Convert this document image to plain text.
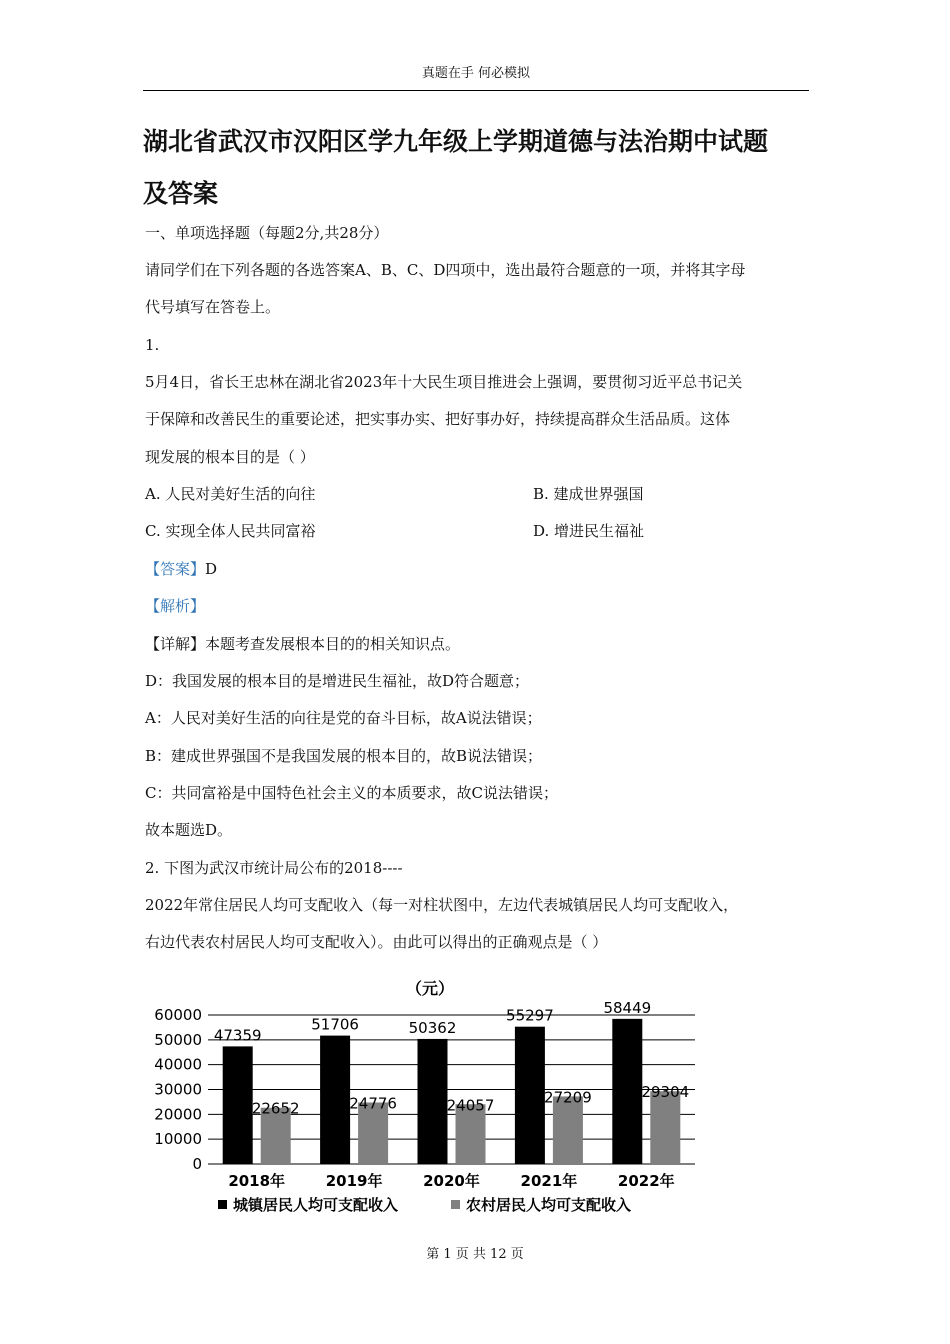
真题在手 何必模拟
湖北省武汉市汉阳区学九年级上学期道德与法治期中试题
及答案
一、单项选择题（每题2分,共28分）
请同学们在下列各题的各选答案A、B、C、D四项中，选出最符合题意的一项，并将其字母
代号填写在答卷上。
1.
5月4日，省长王忠林在湖北省2023年十大民生项目推进会上强调，要贯彻习近平总书记关
于保障和改善民生的重要论述，把实事办实、把好事办好，持续提高群众生活品质。这体
现发展的根本目的是（ ）
A. 人民对美好生活的向往	B. 建成世界强国
C. 实现全体人民共同富裕	D. 增进民生福祉
【答案】D
【解析】
【详解】本题考查发展根本目的的相关知识点。
D：我国发展的根本目的是增进民生福祉，故D符合题意；
A：人民对美好生活的向往是党的奋斗目标，故A说法错误；
B：建成世界强国不是我国发展的根本目的，故B说法错误；
C：共同富裕是中国特色社会主义的本质要求，故C说法错误；
故本题选D。
2. 下图为武汉市统计局公布的2018----
2022年常住居民人均可支配收入（每一对柱状图中，左边代表城镇居民人均可支配收入，
右边代表农村居民人均可支配收入）。由此可以得出的正确观点是（ ）
（元）
0
10000
20000
30000
40000
50000
60000
47359
22652
2018年
51706
24776
2019年
50362
24057
2020年
55297
27209
2021年
58449
29304
2022年
城镇居民人均可支配收入	农村居民人均可支配收入
第 1 页 共 12 页
